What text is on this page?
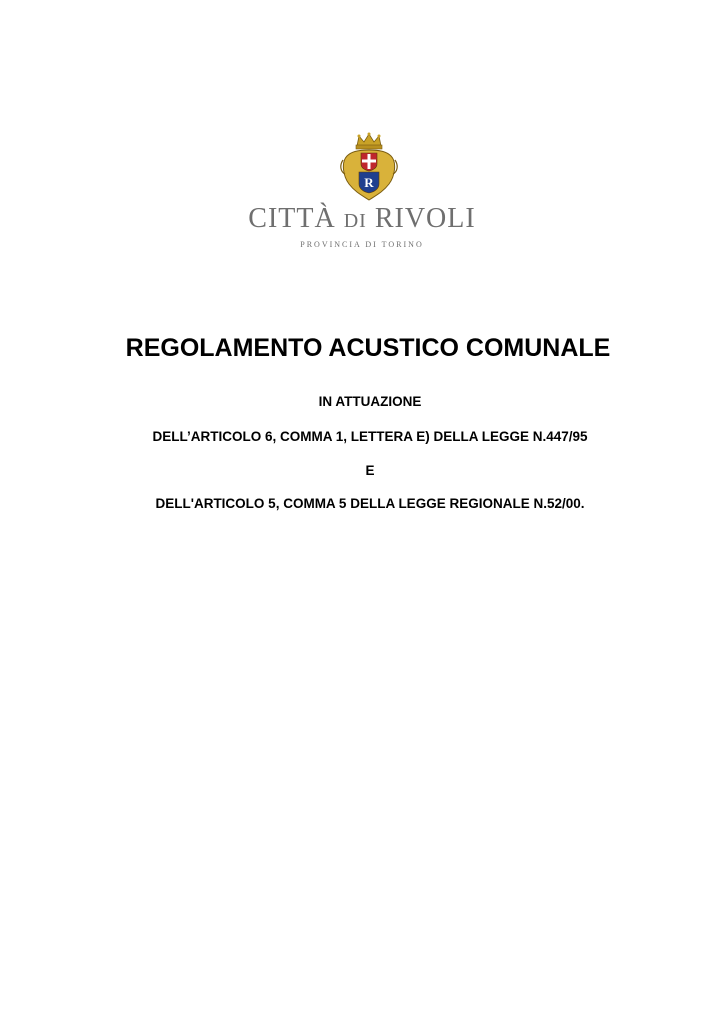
R
CITTÀ DI RIVOLI
PROVINCIA DI TORINO
REGOLAMENTO ACUSTICO COMUNALE
IN ATTUAZIONE
DELL’ARTICOLO 6, COMMA 1, LETTERA E) DELLA LEGGE N.447/95
E
DELL'ARTICOLO 5, COMMA 5 DELLA LEGGE REGIONALE N.52/00.
